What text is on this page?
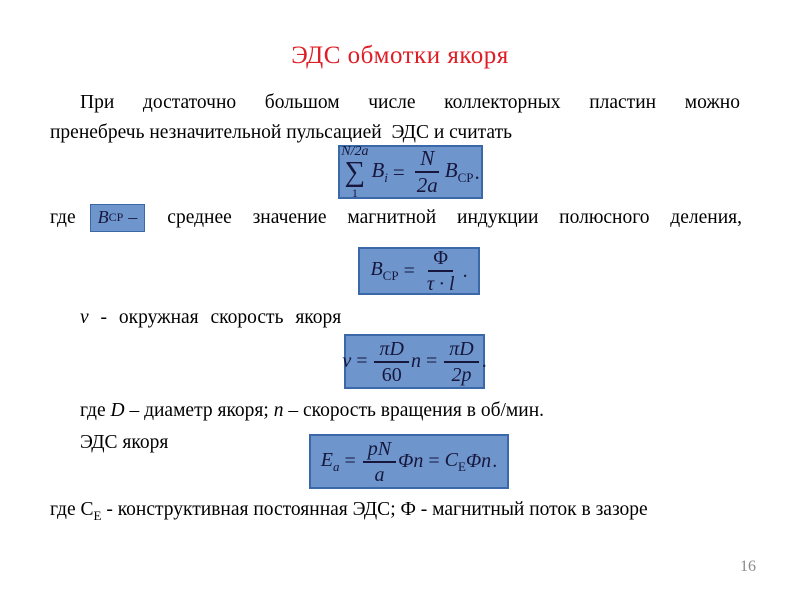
ЭДС обмотки якоря
При достаточно большом числе коллекторных пластин можно
пренебречь незначительной пульсацией  ЭДС и считать
N/2a
∑
1
$B_i = \frac{N}{2a} B_{CP}$ .
где B CP – среднее значение магнитной индукции полюсного деления,
$B_{CP} = \frac{\Phi}{\tau \cdot l}$ .
v - окружная скорость якоря
$v = \frac{\pi D}{60}$ $n = \frac{\pi D}{2p}$ .
где D – диаметр якоря; n – скорость вращения в об/мин.
ЭДС якоря
$E_a = \frac{pN}{a}$ $\Phi n = C_E$ Φn .
где $C_E$ - конструктивная постоянная ЭДС; Ф - магнитный поток в зазоре
16
